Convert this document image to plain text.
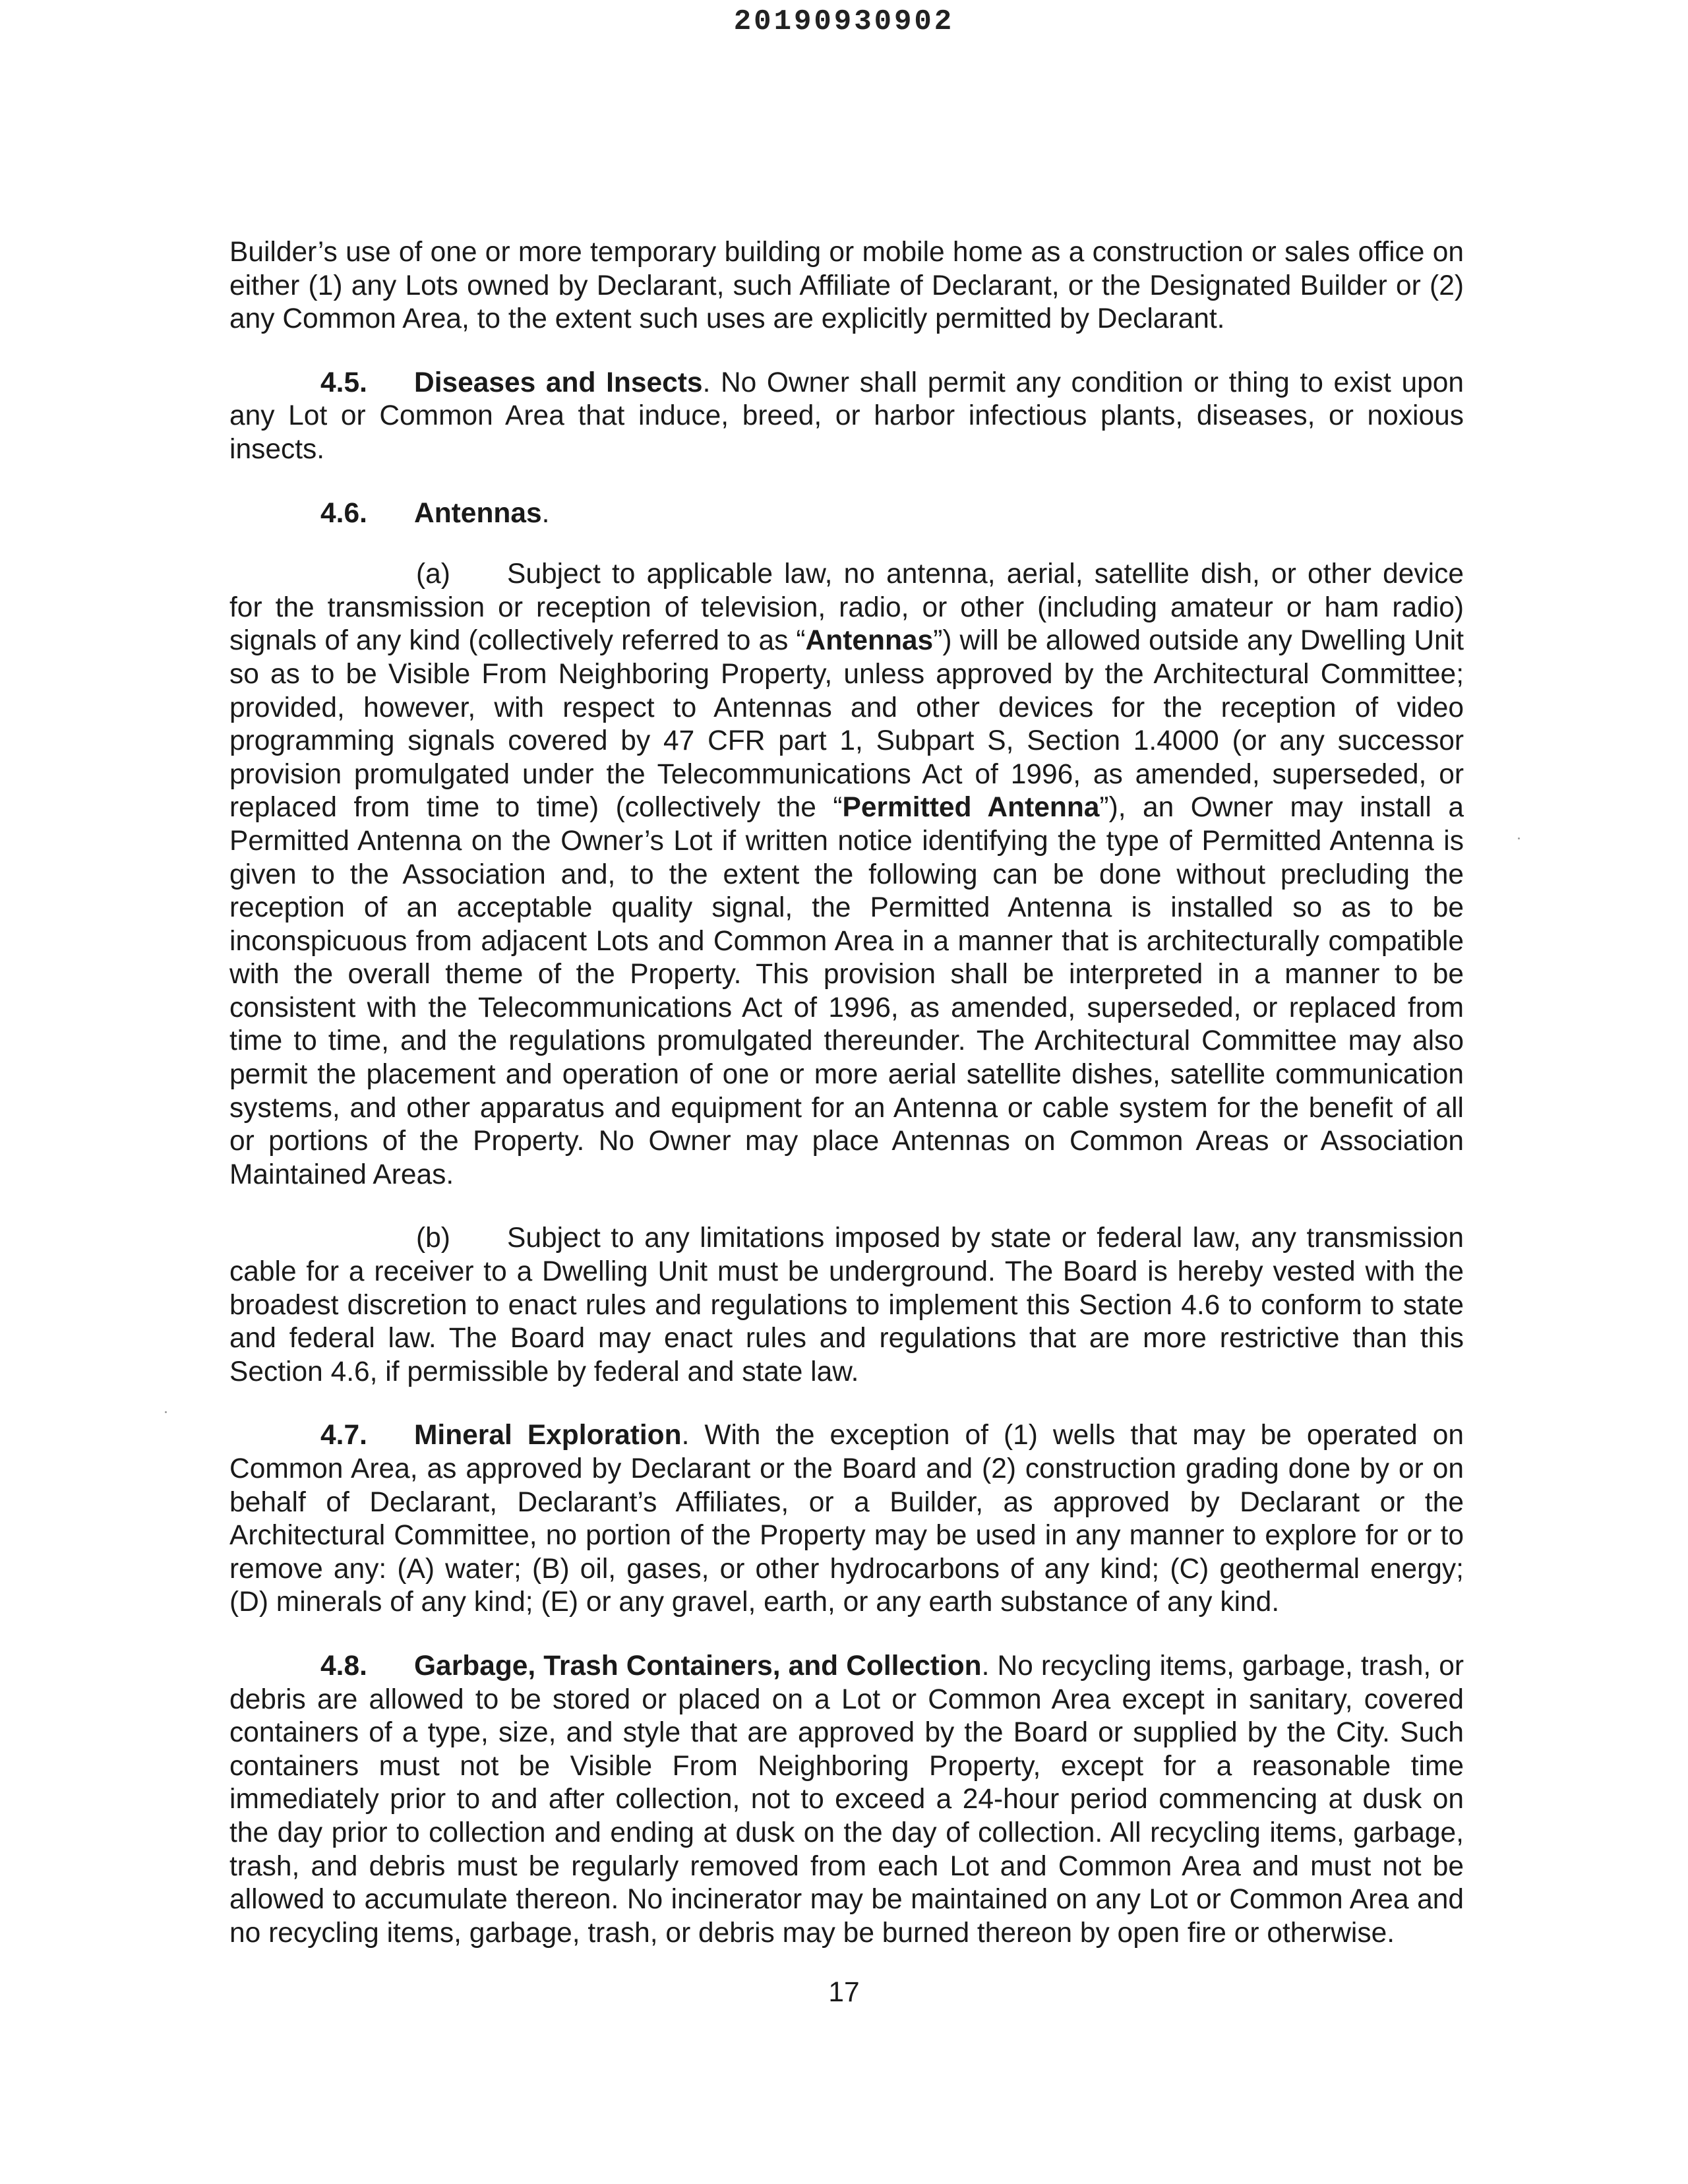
20190930902

Builder’s use of one or more temporary building or mobile home as a construction or sales office on either (1) any Lots owned by Declarant, such Affiliate of Declarant, or the Designated Builder or (2) any Common Area, to the extent such uses are explicitly permitted by Declarant.

4.5. Diseases and Insects. No Owner shall permit any condition or thing to exist upon any Lot or Common Area that induce, breed, or harbor infectious plants, diseases, or noxious insects.

4.6. Antennas.

(a) Subject to applicable law, no antenna, aerial, satellite dish, or other device for the transmission or reception of television, radio, or other (including amateur or ham radio) signals of any kind (collectively referred to as “Antennas”) will be allowed outside any Dwelling Unit so as to be Visible From Neighboring Property, unless approved by the Architectural Committee; provided, however, with respect to Antennas and other devices for the reception of video programming signals covered by 47 CFR part 1, Subpart S, Section 1.4000 (or any successor provision promulgated under the Telecommunications Act of 1996, as amended, superseded, or replaced from time to time) (collectively the “Permitted Antenna”), an Owner may install a Permitted Antenna on the Owner’s Lot if written notice identifying the type of Permitted Antenna is given to the Association and, to the extent the following can be done without precluding the reception of an acceptable quality signal, the Permitted Antenna is installed so as to be inconspicuous from adjacent Lots and Common Area in a manner that is architecturally compatible with the overall theme of the Property. This provision shall be interpreted in a manner to be consistent with the Telecommunications Act of 1996, as amended, superseded, or replaced from time to time, and the regulations promulgated thereunder. The Architectural Committee may also permit the placement and operation of one or more aerial satellite dishes, satellite communication systems, and other apparatus and equipment for an Antenna or cable system for the benefit of all or portions of the Property. No Owner may place Antennas on Common Areas or Association Maintained Areas.

(b) Subject to any limitations imposed by state or federal law, any transmission cable for a receiver to a Dwelling Unit must be underground. The Board is hereby vested with the broadest discretion to enact rules and regulations to implement this Section 4.6 to conform to state and federal law. The Board may enact rules and regulations that are more restrictive than this Section 4.6, if permissible by federal and state law.

4.7. Mineral Exploration. With the exception of (1) wells that may be operated on Common Area, as approved by Declarant or the Board and (2) construction grading done by or on behalf of Declarant, Declarant’s Affiliates, or a Builder, as approved by Declarant or the Architectural Committee, no portion of the Property may be used in any manner to explore for or to remove any: (A) water; (B) oil, gases, or other hydrocarbons of any kind; (C) geothermal energy; (D) minerals of any kind; (E) or any gravel, earth, or any earth substance of any kind.

4.8. Garbage, Trash Containers, and Collection. No recycling items, garbage, trash, or debris are allowed to be stored or placed on a Lot or Common Area except in sanitary, covered containers of a type, size, and style that are approved by the Board or supplied by the City. Such containers must not be Visible From Neighboring Property, except for a reasonable time immediately prior to and after collection, not to exceed a 24-hour period commencing at dusk on the day prior to collection and ending at dusk on the day of collection. All recycling items, garbage, trash, and debris must be regularly removed from each Lot and Common Area and must not be allowed to accumulate thereon. No incinerator may be maintained on any Lot or Common Area and no recycling items, garbage, trash, or debris may be burned thereon by open fire or otherwise.

17
